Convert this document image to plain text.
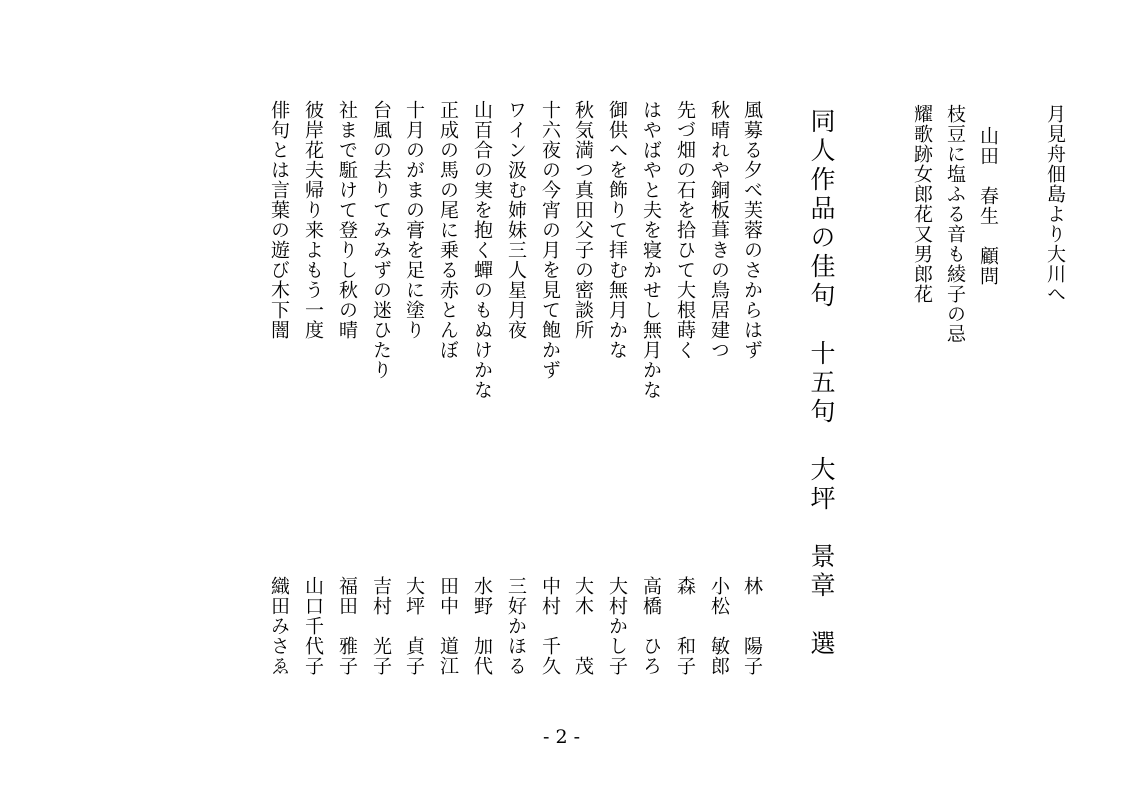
月見舟佃島より大川へ
山田　春生　顧問
枝豆に塩ふる音も綾子の忌
耀歌跡女郎花又男郎花
同人作品の佳句　十五句　大坪　景章　選
風募る夕べ芙蓉のさからはず
林　　陽子
秋晴れや銅板葺きの鳥居建つ
小松　敏郎
先づ畑の石を拾ひて大根蒔く
森　　和子
はやばやと夫を寝かせし無月かな
高橋　ひろ
御供へを飾りて拝む無月かな
大村かし子
秋気満つ真田父子の密談所
大木　　茂
十六夜の今宵の月を見て飽かず
中村　千久
ワイン汲む姉妹三人星月夜
三好かほる
山百合の実を抱く蟬のもぬけかな
水野　加代
正成の馬の尾に乗る赤とんぼ
田中　道江
十月のがまの膏を足に塗り
大坪　貞子
台風の去りてみみずの迷ひたり
吉村　光子
社まで駈けて登りし秋の晴
福田　雅子
彼岸花夫帰り来よもう一度
山口千代子
俳句とは言葉の遊び木下闇
織田みさゑ
- 2 -
